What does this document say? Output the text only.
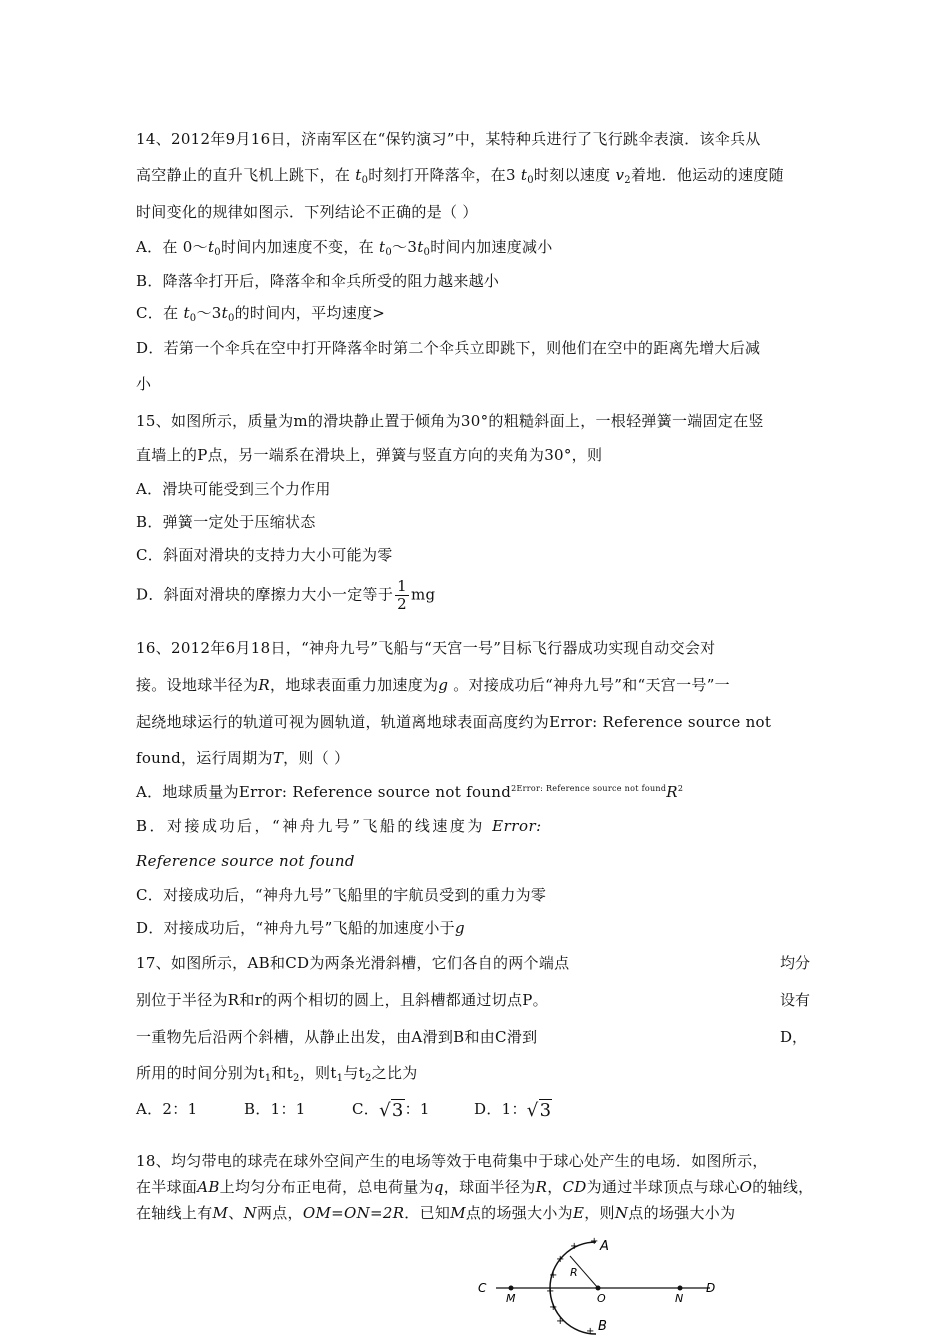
14、2012年9月16日，济南军区在“保钓演习”中，某特种兵进行了飞行跳伞表演．该伞兵从
高空静止的直升飞机上跳下，在 $t_0$时刻打开降落伞，在3 $t_0$时刻以速度 $v_2$着地．他运动的速度随
时间变化的规律如图示．下列结论不正确的是（ ）
A．在 $0\sim t_0$时间内加速度不变，在 $t_0\sim 3t_0$时间内加速度减小
B．降落伞打开后，降落伞和伞兵所受的阻力越来越小
C．在 $t_0\sim 3t_0$的时间内，平均速度>
D．若第一个伞兵在空中打开降落伞时第二个伞兵立即跳下，则他们在空中的距离先增大后减
小
15、如图所示，质量为m的滑块静止置于倾角为30°的粗糙斜面上，一根轻弹簧一端固定在竖
直墙上的P点，另一端系在滑块上，弹簧与竖直方向的夹角为30°，则
A．滑块可能受到三个力作用
B．弹簧一定处于压缩状态
C．斜面对滑块的支持力大小可能为零
D．斜面对滑块的摩擦力大小一定等于 $\frac{1}{2}$ mg
16、2012年6月18日，“神舟九号”飞船与“天宫一号”目标飞行器成功实现自动交会对
接。设地球半径为R，地球表面重力加速度为g 。对接成功后“神舟九号”和“天宫一号”一
起绕地球运行的轨道可视为圆轨道，轨道离地球表面高度约为Error: Reference source not
found，运行周期为T，则（ ）
A．地球质量为Error: Reference source not $found^{2Error: Reference source not found}R^2$
B．对接成功后，“神舟九号”飞船的线速度为 Error:
Reference source not found
C．对接成功后，“神舟九号”飞船里的宇航员受到的重力为零
D．对接成功后，“神舟九号”飞船的加速度小于g
17、如图所示，AB和CD为两条光滑斜槽，它们各自的两个端点	均分
别位于半径为R和r的两个相切的圆上，且斜槽都通过切点P。	设有
一重物先后沿两个斜槽，从静止出发，由A滑到B和由C滑到	D，
所用的时间分别为$t_1$和$t_2$，则$t_1$与$t_2$之比为
A．2：1	B．1：1	C．√3：1	D．1：√3
18、均匀带电的球壳在球外空间产生的电场等效于电荷集中于球心处产生的电场．如图所示，
在半球面AB上均匀分布正电荷，总电荷量为q，球面半径为R，CD为通过半球顶点与球心O的轴线，
在轴线上有M、N两点，OM=ON=2R．已知M点的场强大小为E，则N点的场强大小为
A
B
C	D
M	N
O
R
+
+
+
+
+
+
+
+
